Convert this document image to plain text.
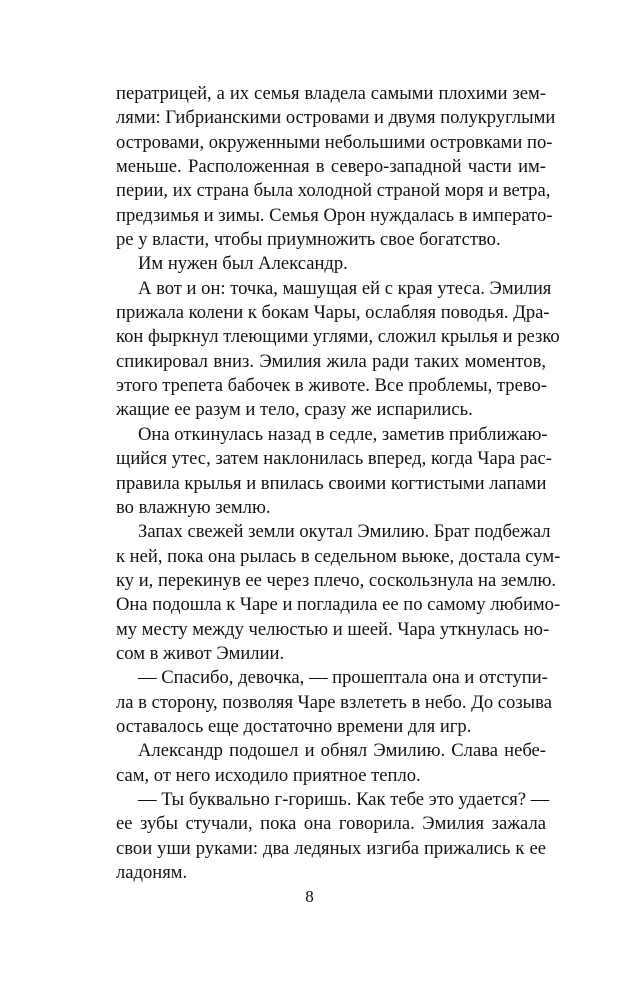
ператрицей, а их семья владела самыми плохими зем-
лями: Гибрианскими островами и двумя полукруглыми
островами, окруженными небольшими островками по-
меньше. Расположенная в северо-западной части им-
перии, их страна была холодной страной моря и ветра,
предзимья и зимы. Семья Орон нуждалась в императо-
ре у власти, чтобы приумножить свое богатство.
Им нужен был Александр.
А вот и он: точка, машущая ей с края утеса. Эмилия
прижала колени к бокам Чары, ослабляя поводья. Дра-
кон фыркнул тлеющими углями, сложил крылья и резко
спикировал вниз. Эмилия жила ради таких моментов,
этого трепета бабочек в животе. Все проблемы, трево-
жащие ее разум и тело, сразу же испарились.
Она откинулась назад в седле, заметив приближаю-
щийся утес, затем наклонилась вперед, когда Чара рас-
правила крылья и впилась своими когтистыми лапами
во влажную землю.
Запах свежей земли окутал Эмилию. Брат подбежал
к ней, пока она рылась в седельном вьюке, достала сум-
ку и, перекинув ее через плечо, соскользнула на землю.
Она подошла к Чаре и погладила ее по самому любимо-
му месту между челюстью и шеей. Чара уткнулась но-
сом в живот Эмилии.
— Спасибо, девочка, — прошептала она и отступи-
ла в сторону, позволяя Чаре взлететь в небо. До созыва
оставалось еще достаточно времени для игр.
Александр подошел и обнял Эмилию. Слава небе-
сам, от него исходило приятное тепло.
— Ты буквально г-горишь. Как тебе это удается? —
ее зубы стучали, пока она говорила. Эмилия зажала
свои уши руками: два ледяных изгиба прижались к ее
ладоням.
8
